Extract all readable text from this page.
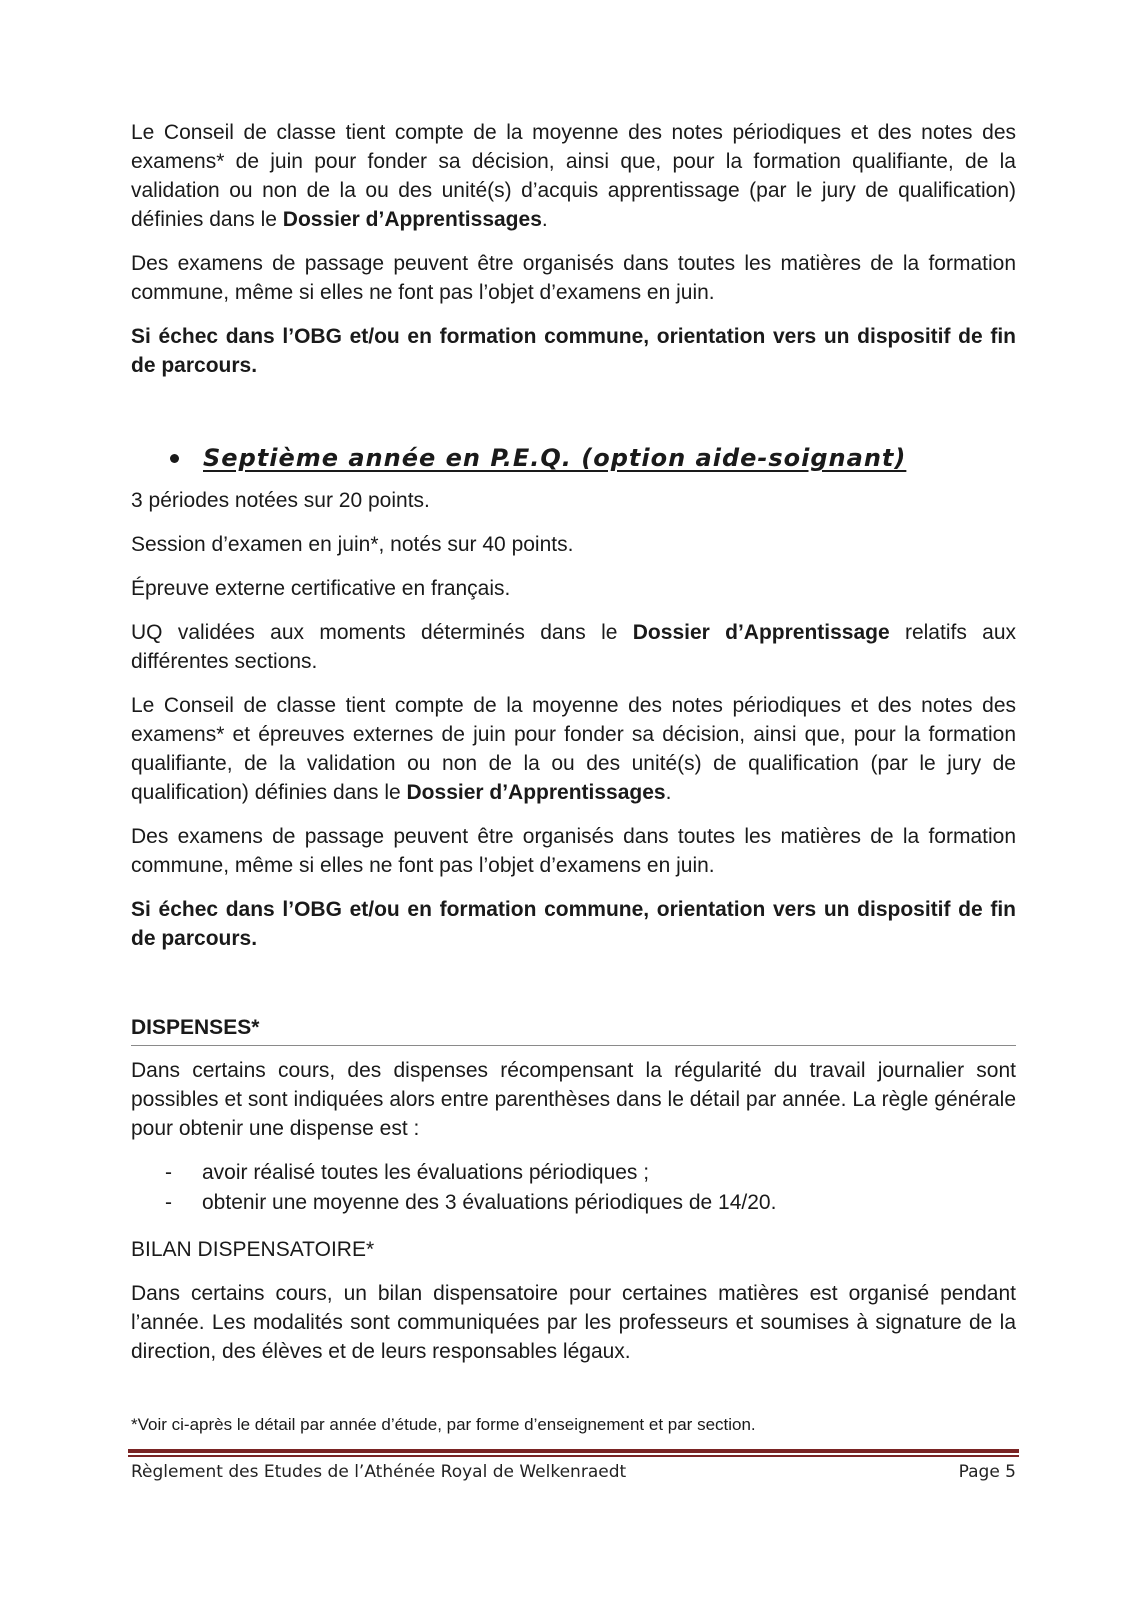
Le Conseil de classe tient compte de la moyenne des notes périodiques et des notes des examens* de juin pour fonder sa décision, ainsi que, pour la formation qualifiante, de la validation ou non de la ou des unité(s) d’acquis apprentissage (par le jury de qualification) définies dans le Dossier d’Apprentissages.

Des examens de passage peuvent être organisés dans toutes les matières de la formation commune, même si elles ne font pas l’objet d’examens en juin.

Si échec dans l’OBG et/ou en formation commune, orientation vers un dispositif de fin de parcours.

Septième année en P.E.Q. (option aide-soignant)

3 périodes notées sur 20 points.

Session d’examen en juin*, notés sur 40 points.

Épreuve externe certificative en français.

UQ validées aux moments déterminés dans le Dossier d’Apprentissage relatifs aux différentes sections.

Le Conseil de classe tient compte de la moyenne des notes périodiques et des notes des examens* et épreuves externes de juin pour fonder sa décision, ainsi que, pour la formation qualifiante, de la validation ou non de la ou des unité(s) de qualification (par le jury de qualification) définies dans le Dossier d’Apprentissages.

Des examens de passage peuvent être organisés dans toutes les matières de la formation commune, même si elles ne font pas l’objet d’examens en juin.

Si échec dans l’OBG et/ou en formation commune, orientation vers un dispositif de fin de parcours.

DISPENSES*

Dans certains cours, des dispenses récompensant la régularité du travail journalier sont possibles et sont indiquées alors entre parenthèses dans le détail par année. La règle générale pour obtenir une dispense est :

- avoir réalisé toutes les évaluations périodiques ;
- obtenir une moyenne des 3 évaluations périodiques de 14/20.

BILAN DISPENSATOIRE*

Dans certains cours, un bilan dispensatoire pour certaines matières est organisé pendant l’année. Les modalités sont communiquées par les professeurs et soumises à signature de la direction, des élèves et de leurs responsables légaux.

*Voir ci-après le détail par année d’étude, par forme d’enseignement et par section.
Règlement des Etudes de l’Athénée Royal de Welkenraedt	Page 5
